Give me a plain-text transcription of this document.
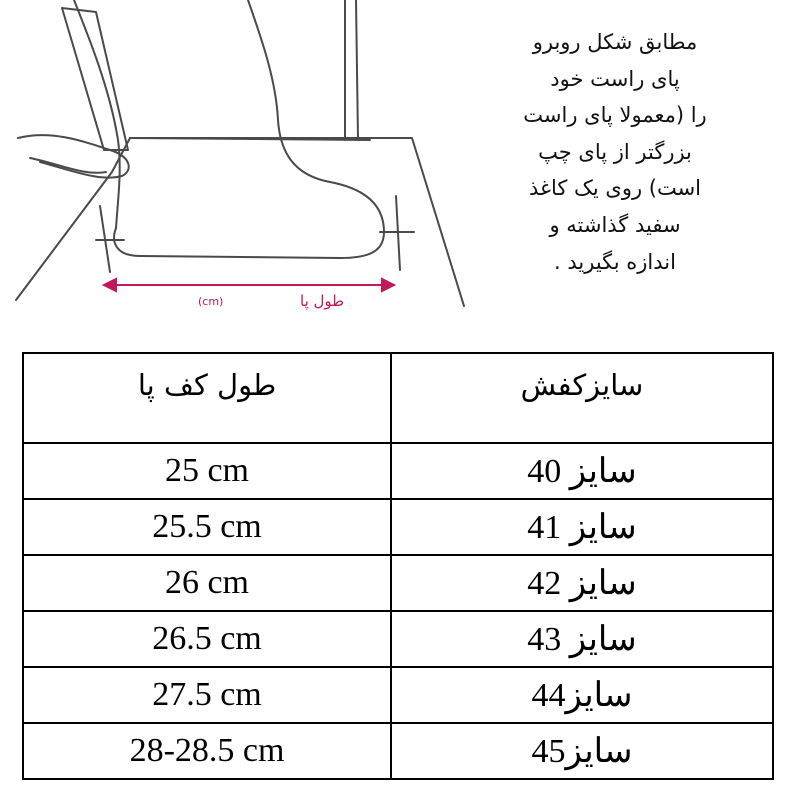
طول پا
(cm)
مطابق شکل روبرو
پای راست خود
را (معمولا پای راست
بزرگتر از پای چپ
است) روی یک کاغذ
سفید گذاشته و
اندازه بگیرید .
طول کف پا	سایزکفش
25 cm	سایز 40
25.5 cm	سایز 41
26 cm	سایز 42
26.5 cm	سایز 43
27.5 cm	سایز44
28-28.5 cm	سایز45
